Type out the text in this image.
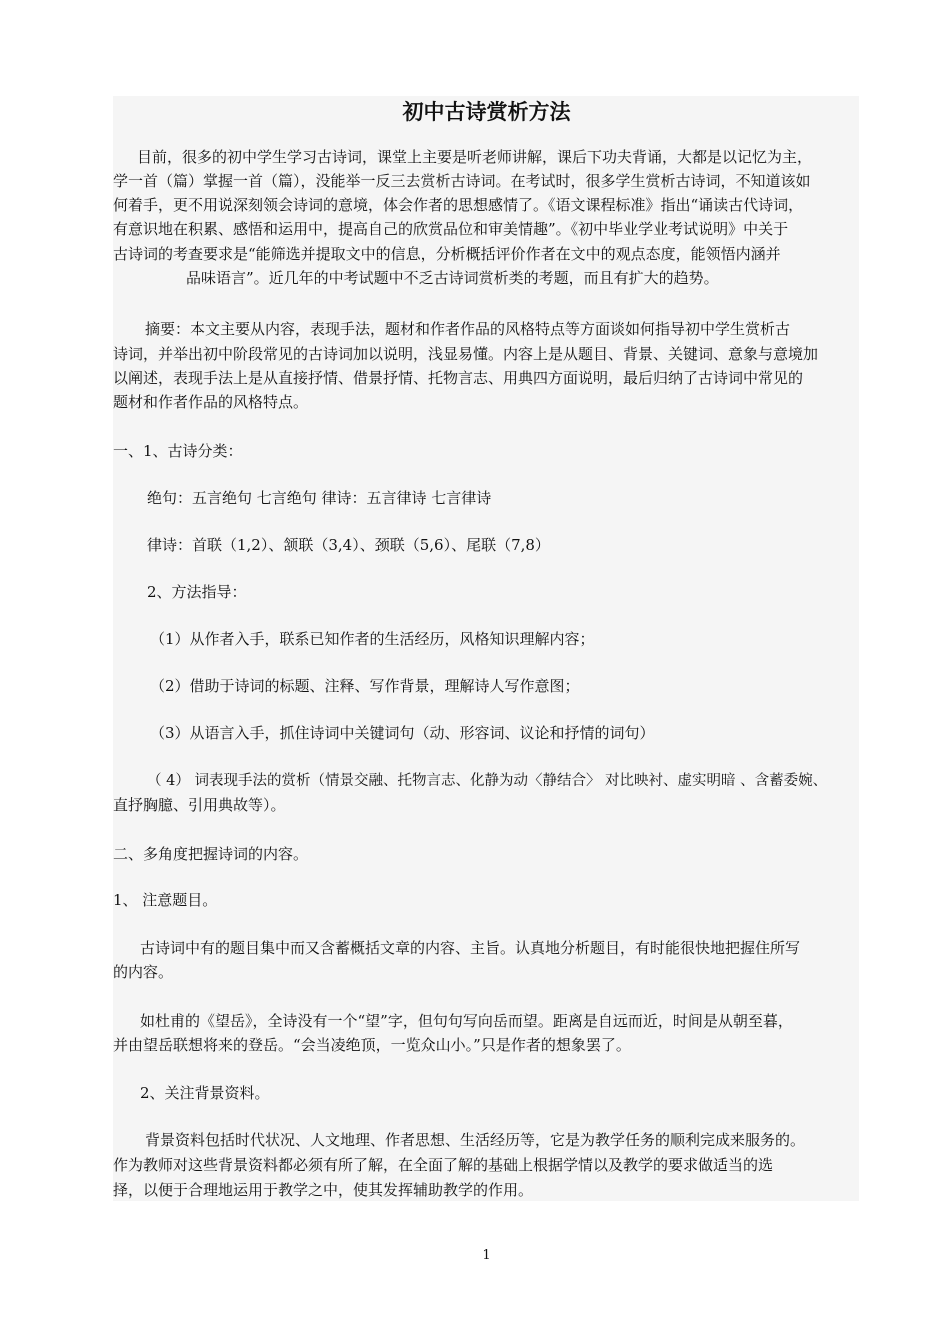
初中古诗赏析方法
目前，很多的初中学生学习古诗词，课堂上主要是听老师讲解，课后下功夫背诵，大都是以记忆为主，
学一首（篇）掌握一首（篇），没能举一反三去赏析古诗词。在考试时，很多学生赏析古诗词，不知道该如
何着手，更不用说深刻领会诗词的意境，体会作者的思想感情了。《语文课程标准》指出“诵读古代诗词，
有意识地在积累、感悟和运用中，提高自己的欣赏品位和审美情趣”。《初中毕业学业考试说明》中关于
古诗词的考查要求是“能筛选并提取文中的信息，分析概括评价作者在文中的观点态度，能领悟内涵并
品味语言”。近几年的中考试题中不乏古诗词赏析类的考题，而且有扩大的趋势。
摘要：本文主要从内容，表现手法，题材和作者作品的风格特点等方面谈如何指导初中学生赏析古
诗词，并举出初中阶段常见的古诗词加以说明，浅显易懂。内容上是从题目、背景、关键词、意象与意境加
以阐述，表现手法上是从直接抒情、借景抒情、托物言志、用典四方面说明，最后归纳了古诗词中常见的
题材和作者作品的风格特点。
一、1、古诗分类：
绝句：五言绝句 七言绝句 律诗：五言律诗 七言律诗
律诗：首联（1,2）、颔联（3,4）、颈联（5,6）、尾联（7,8）
2、方法指导：
（1）从作者入手，联系已知作者的生活经历，风格知识理解内容；
（2）借助于诗词的标题、注释、写作背景，理解诗人写作意图；
（3）从语言入手，抓住诗词中关键词句（动、形容词、议论和抒情的词句）
（ 4） 词表现手法的赏析（情景交融、托物言志、化静为动〈静结合〉 对比映衬、虚实明暗 、含蓄委婉、
直抒胸臆、引用典故等）。
二、多角度把握诗词的内容。
1、 注意题目。
古诗词中有的题目集中而又含蓄概括文章的内容、主旨。认真地分析题目，有时能很快地把握住所写
的内容。
如杜甫的《望岳》，全诗没有一个“望”字，但句句写向岳而望。距离是自远而近，时间是从朝至暮，
并由望岳联想将来的登岳。“会当凌绝顶，一览众山小。”只是作者的想象罢了。
2、关注背景资料。
背景资料包括时代状况、人文地理、作者思想、生活经历等，它是为教学任务的顺利完成来服务的。
作为教师对这些背景资料都必须有所了解，在全面了解的基础上根据学情以及教学的要求做适当的选
择，以便于合理地运用于教学之中，使其发挥辅助教学的作用。
1
